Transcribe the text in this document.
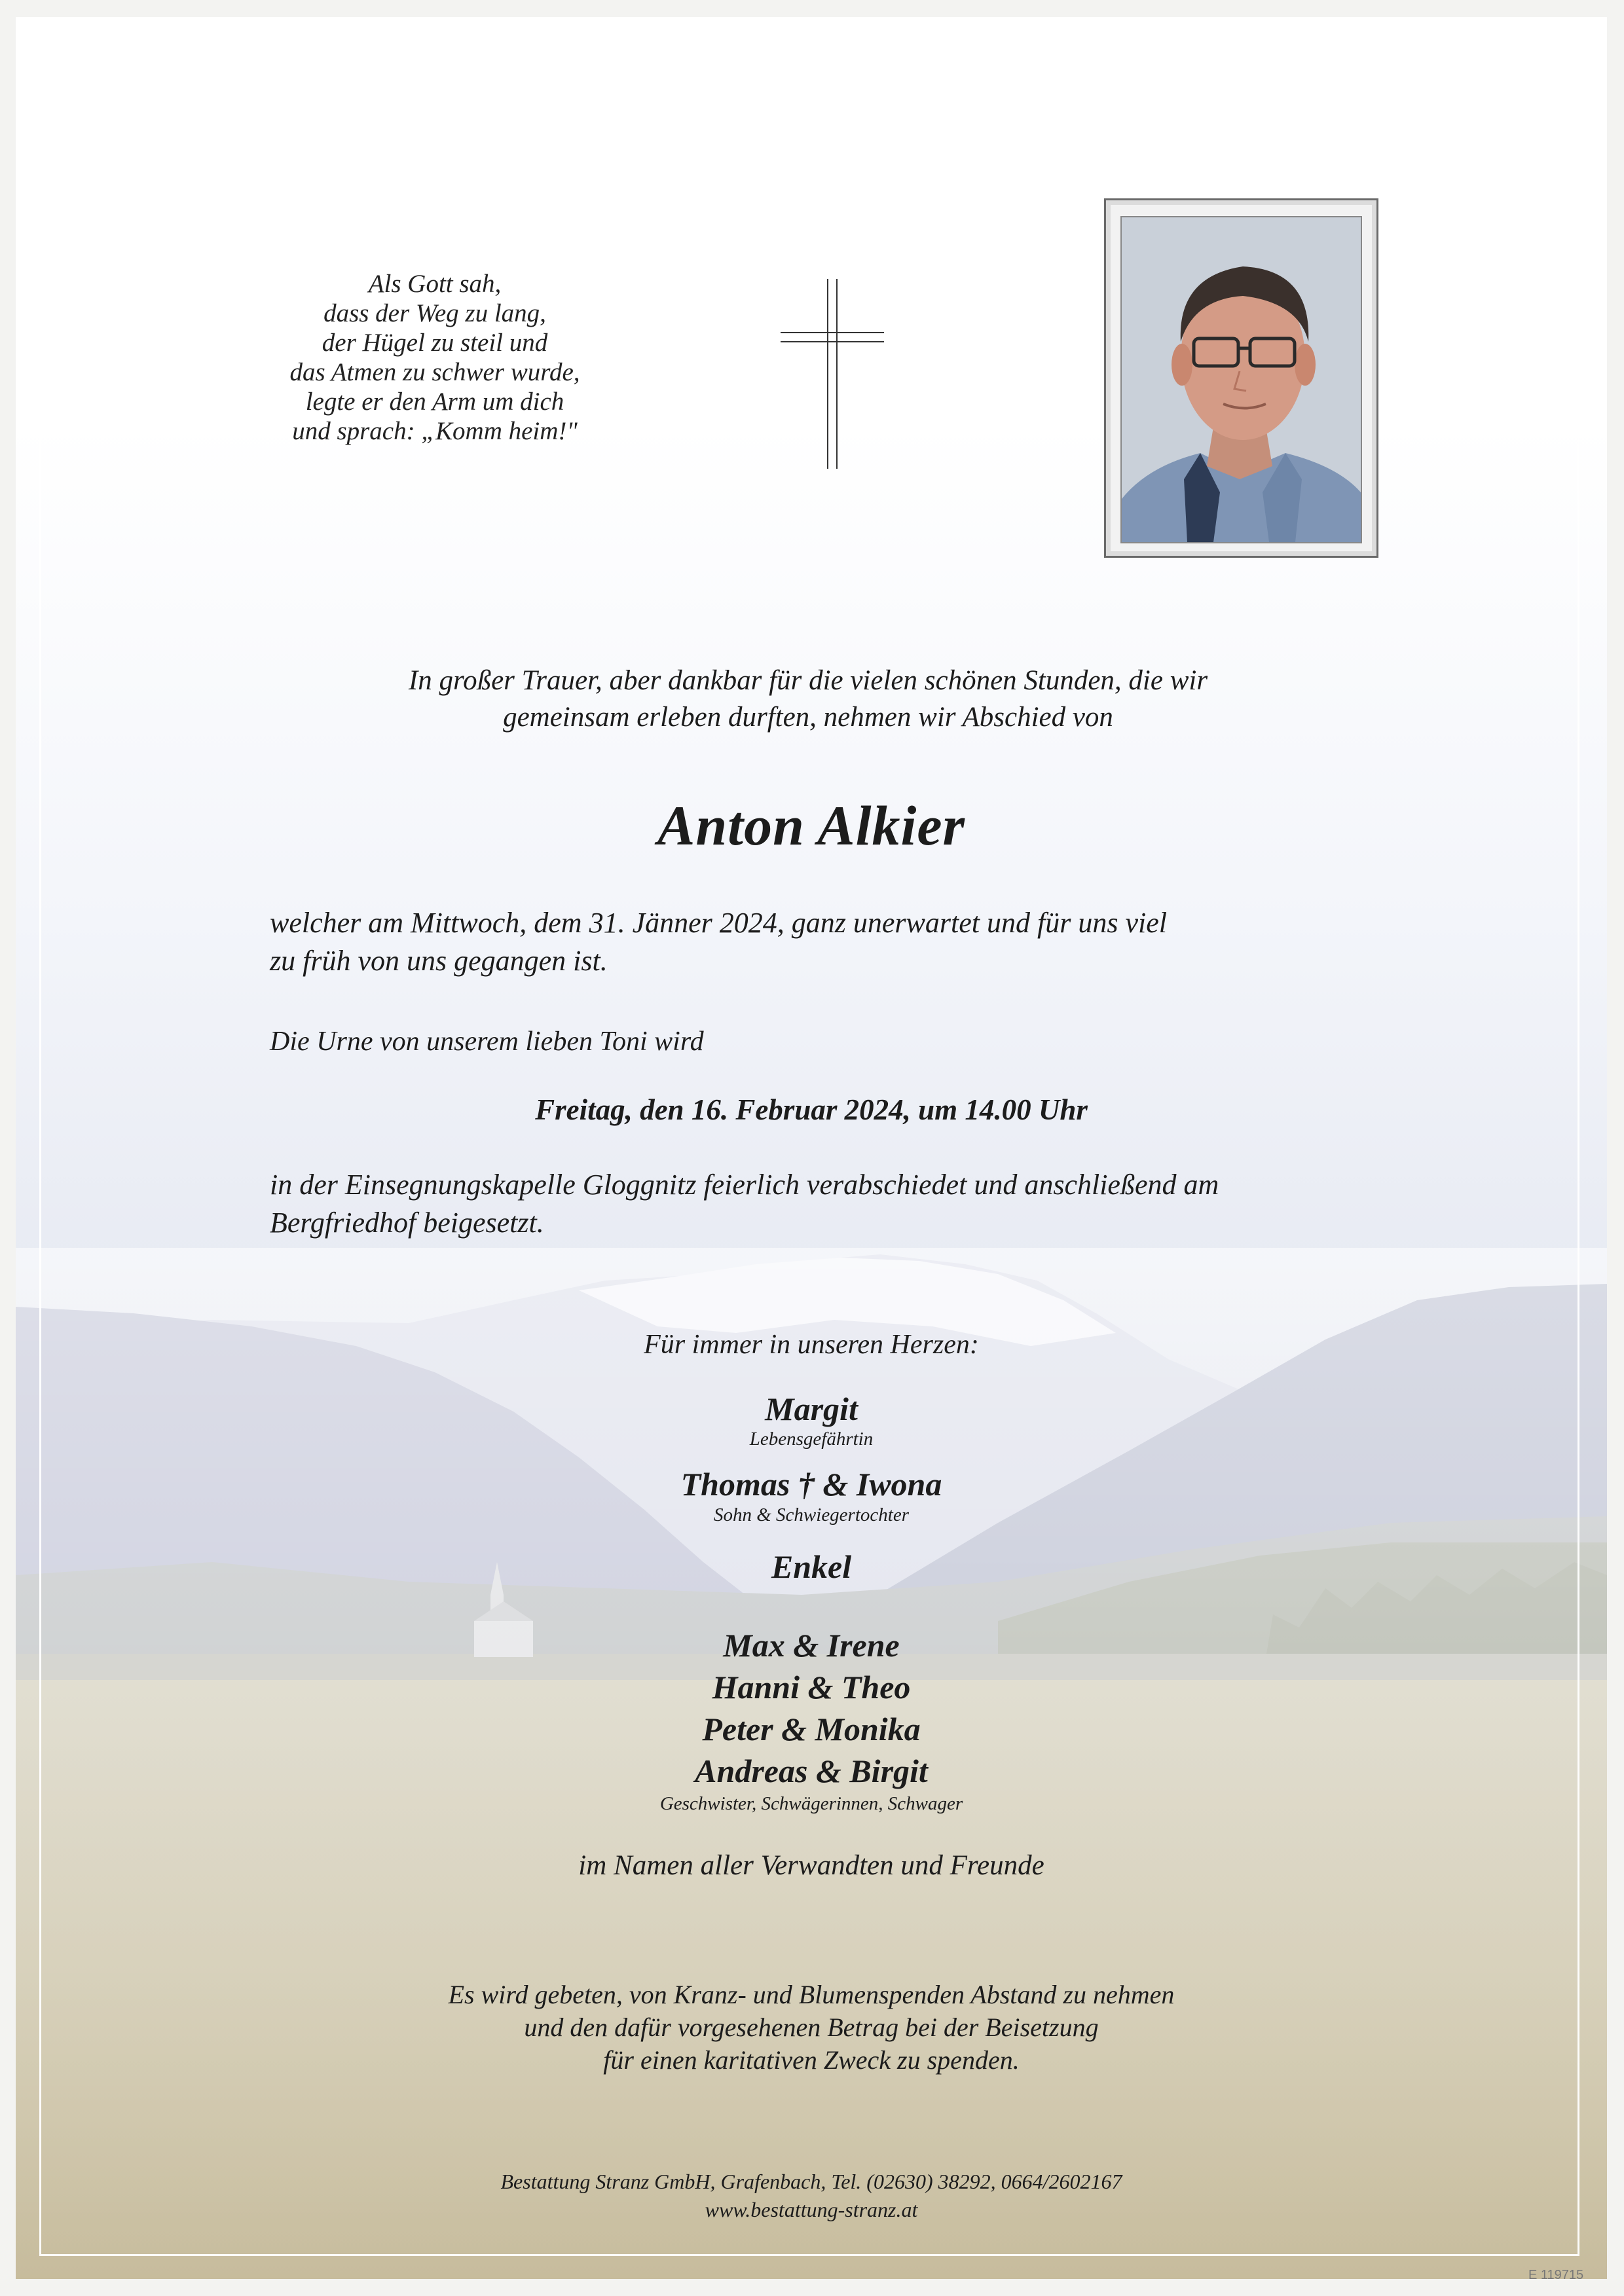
Als Gott sah,
dass der Weg zu lang,
der Hügel zu steil und
das Atmen zu schwer wurde,
legte er den Arm um dich
und sprach: „Komm heim!"
In großer Trauer, aber dankbar für die vielen schönen Stunden, die wir
gemeinsam erleben durften, nehmen wir Abschied von
Anton Alkier
welcher am Mittwoch, dem 31. Jänner 2024, ganz unerwartet und für uns viel
zu früh von uns gegangen ist.
Die Urne von unserem lieben Toni wird
Freitag, den 16. Februar 2024, um 14.00 Uhr
in der Einsegnungskapelle Gloggnitz feierlich verabschiedet und anschließend am
Bergfriedhof beigesetzt.
Für immer in unseren Herzen:
Margit
Lebensgefährtin
Thomas † & Iwona
Sohn & Schwiegertochter
Enkel
Max & Irene
Hanni & Theo
Peter & Monika
Andreas & Birgit
Geschwister, Schwägerinnen, Schwager
im Namen aller Verwandten und Freunde
Es wird gebeten, von Kranz- und Blumenspenden Abstand zu nehmen
und den dafür vorgesehenen Betrag bei der Beisetzung
für einen karitativen Zweck zu spenden.
Bestattung Stranz GmbH, Grafenbach, Tel. (02630) 38292, 0664/2602167
www.bestattung-stranz.at
E 119715
